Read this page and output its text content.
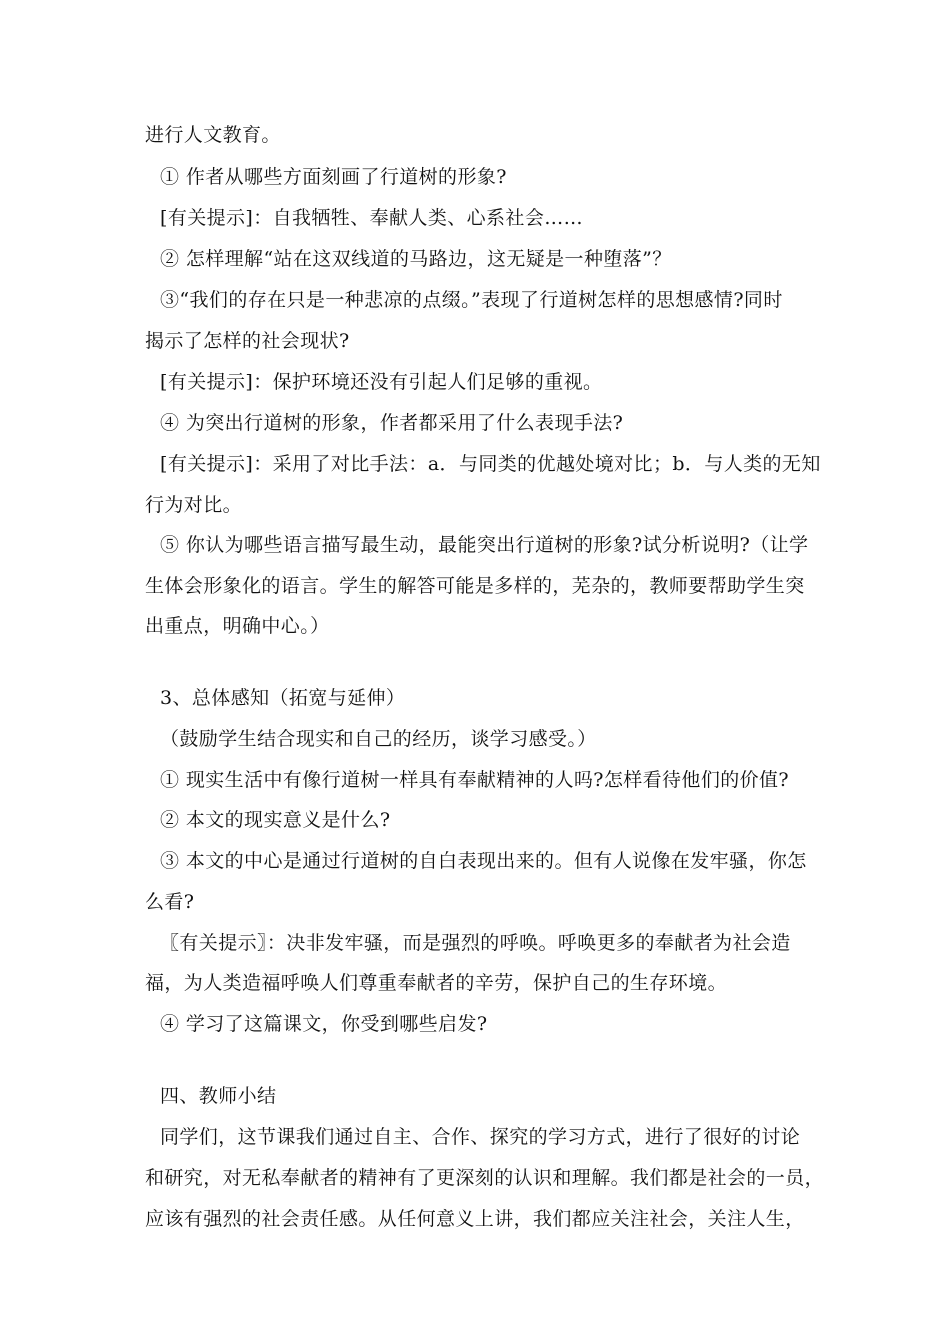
进行人文教育。
① 作者从哪些方面刻画了行道树的形象?
[有关提示]：自我牺牲、奉献人类、心系社会……
② 怎样理解“站在这双线道的马路边，这无疑是一种堕落”？
③“我们的存在只是一种悲凉的点缀。”表现了行道树怎样的思想感情?同时
揭示了怎样的社会现状?
[有关提示]：保护环境还没有引起人们足够的重视。
④ 为突出行道树的形象，作者都采用了什么表现手法?
[有关提示]：采用了对比手法：a．与同类的优越处境对比；b．与人类的无知
行为对比。
⑤ 你认为哪些语言描写最生动，最能突出行道树的形象?试分析说明?（让学
生体会形象化的语言。学生的解答可能是多样的，芜杂的，教师要帮助学生突
出重点，明确中心。）
3、总体感知（拓宽与延伸）
（鼓励学生结合现实和自己的经历，谈学习感受。）
① 现实生活中有像行道树一样具有奉献精神的人吗?怎样看待他们的价值?
② 本文的现实意义是什么?
③ 本文的中心是通过行道树的自白表现出来的。但有人说像在发牢骚，你怎
么看?
〖有关提示〗：决非发牢骚，而是强烈的呼唤。呼唤更多的奉献者为社会造
福，为人类造福呼唤人们尊重奉献者的辛劳，保护自己的生存环境。
④ 学习了这篇课文，你受到哪些启发?
四、教师小结
同学们，这节课我们通过自主、合作、探究的学习方式，进行了很好的讨论
和研究，对无私奉献者的精神有了更深刻的认识和理解。我们都是社会的一员，
应该有强烈的社会责任感。从任何意义上讲，我们都应关注社会，关注人生，
